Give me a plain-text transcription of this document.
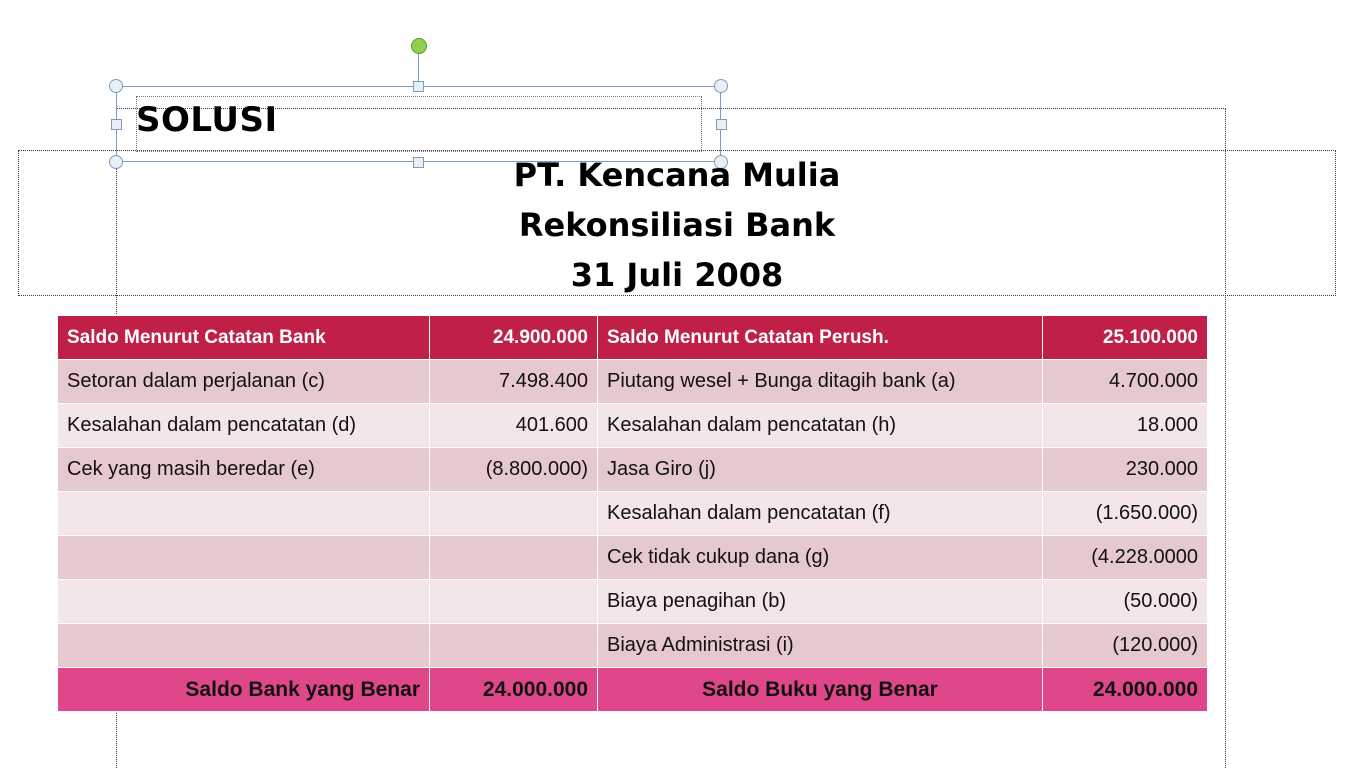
SOLUSI
PT. Kencana Mulia
Rekonsiliasi Bank
31 Juli 2008
Saldo Menurut Catatan Bank	24.900.000	Saldo Menurut Catatan Perush.	25.100.000
Setoran dalam perjalanan (c)	7.498.400	Piutang wesel + Bunga ditagih bank (a)	4.700.000
Kesalahan dalam pencatatan (d)	401.600	Kesalahan dalam pencatatan (h)	18.000
Cek yang masih beredar (e)	(8.800.000)	Jasa Giro (j)	230.000
		Kesalahan dalam pencatatan (f)	(1.650.000)
		Cek tidak cukup dana (g)	(4.228.0000
		Biaya penagihan (b)	(50.000)
		Biaya Administrasi (i)	(120.000)
Saldo Bank yang Benar	24.000.000	Saldo Buku yang Benar	24.000.000
